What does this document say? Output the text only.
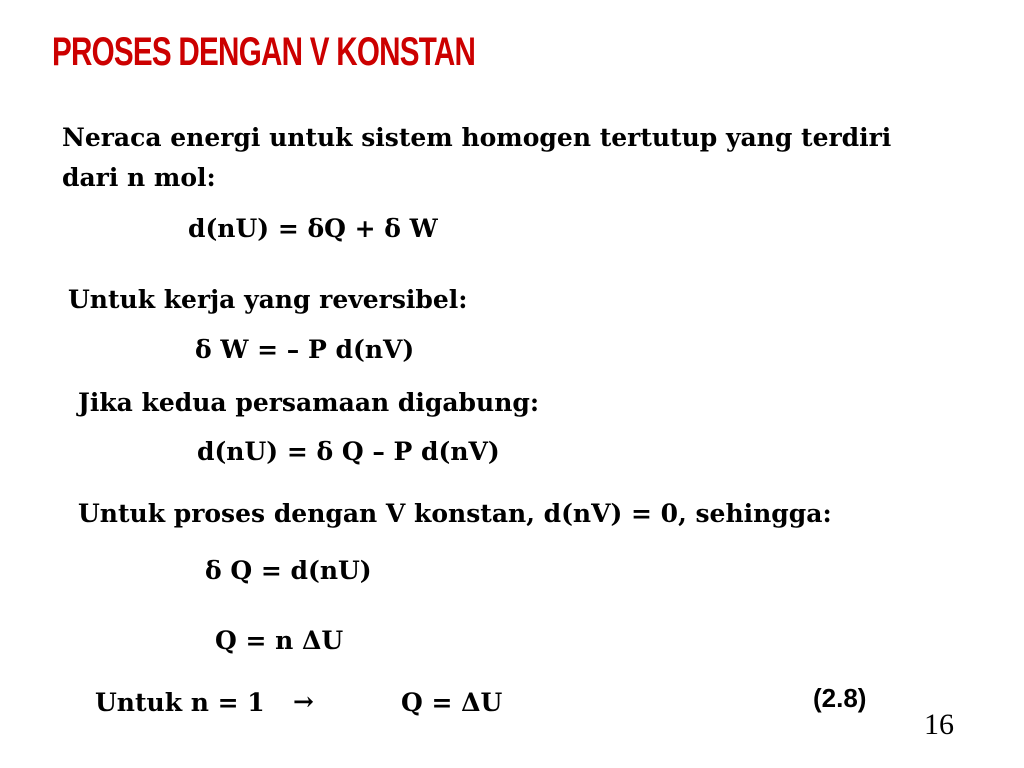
PROSES DENGAN V KONSTAN
Neraca energi untuk sistem homogen tertutup yang terdiri
dari n mol:
d(nU) = δQ + δ W
Untuk kerja yang reversibel:
δ W = – P d(nV)
Jika kedua persamaan digabung:
d(nU) = δ Q – P d(nV)
Untuk proses dengan V konstan, d(nV) = 0, sehingga:
δ Q = d(nU)
Q = n ΔU
Untuk n = 1 →	Q = ΔU	(2.8)
16
